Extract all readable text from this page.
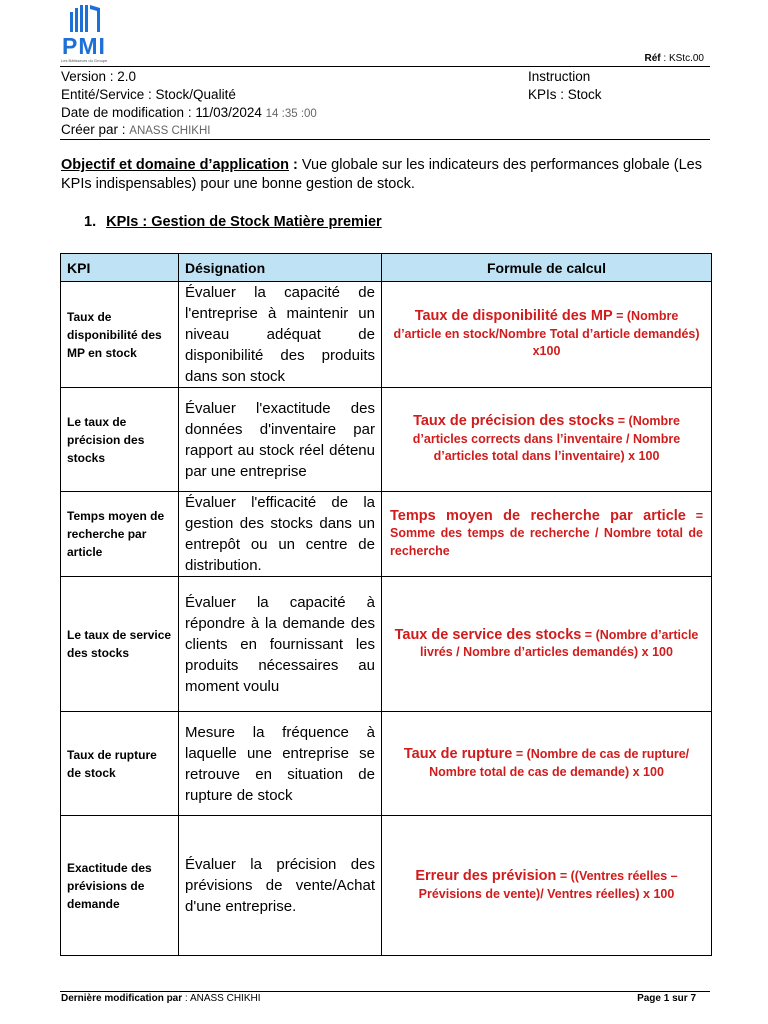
PMI
Les Bâtisseurs du Groupe	Réf : KStc.00
Version : 2.0
Entité/Service : Stock/Qualité
Date de modification : 11/03/2024 14 :35 :00
Créer par : ANASS CHIKHI
Instruction
KPIs : Stock
Objectif et domaine d’application : Vue globale sur les indicateurs des performances globale (Les KPIs indispensables) pour une bonne gestion de stock.
1. KPIs : Gestion de Stock Matière premier
KPI	Désignation	Formule de calcul
Taux de disponibilité des MP en stock	Évaluer la capacité de l'entreprise à maintenir un niveau adéquat de disponibilité des produits dans son stock	Taux de disponibilité des MP = (Nombre d’article en stock/Nombre Total d’article demandés) x100
Le taux de précision des stocks	Évaluer l'exactitude des données d'inventaire par rapport au stock réel détenu par une entreprise	Taux de précision des stocks = (Nombre d’articles corrects dans l’inventaire / Nombre d’articles total dans l’inventaire) x 100
Temps moyen de recherche par article	Évaluer l'efficacité de la gestion des stocks dans un entrepôt ou un centre de distribution.	Temps moyen de recherche par article = Somme des temps de recherche / Nombre total de recherche
Le taux de service des stocks	Évaluer la capacité à répondre à la demande des clients en fournissant les produits nécessaires au moment voulu	Taux de service des stocks = (Nombre d’article livrés / Nombre d’articles demandés) x 100
Taux de rupture de stock	Mesure la fréquence à laquelle une entreprise se retrouve en situation de rupture de stock	Taux de rupture = (Nombre de cas de rupture/ Nombre total de cas de demande) x 100
Exactitude des prévisions de demande	Évaluer la précision des prévisions de vente/Achat d'une entreprise.	Erreur des prévision = ((Ventres réelles – Prévisions de vente)/ Ventres réelles) x 100
Dernière modification par : ANASS CHIKHI	Page 1 sur 7
